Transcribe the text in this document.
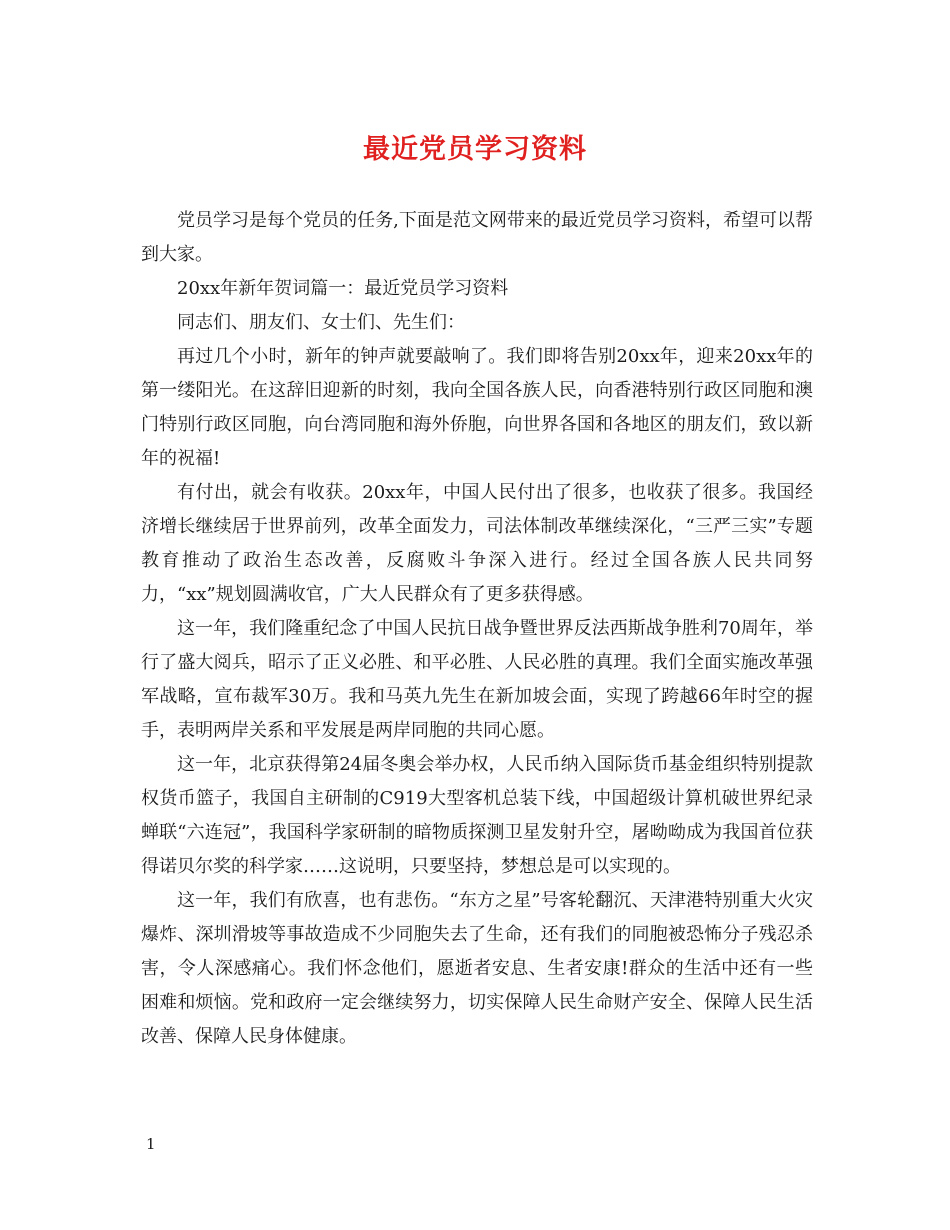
最近党员学习资料

党员学习是每个党员的任务,下面是范文网带来的最近党员学习资料，希望可以帮到大家。

20xx年新年贺词篇一：最近党员学习资料

同志们、朋友们、女士们、先生们：

再过几个小时，新年的钟声就要敲响了。我们即将告别20xx年，迎来20xx年的第一缕阳光。在这辞旧迎新的时刻，我向全国各族人民，向香港特别行政区同胞和澳门特别行政区同胞，向台湾同胞和海外侨胞，向世界各国和各地区的朋友们，致以新年的祝福!

有付出，就会有收获。20xx年，中国人民付出了很多，也收获了很多。我国经济增长继续居于世界前列，改革全面发力，司法体制改革继续深化，“三严三实”专题教育推动了政治生态改善，反腐败斗争深入进行。经过全国各族人民共同努力，“xx”规划圆满收官，广大人民群众有了更多获得感。

这一年，我们隆重纪念了中国人民抗日战争暨世界反法西斯战争胜利70周年，举行了盛大阅兵，昭示了正义必胜、和平必胜、人民必胜的真理。我们全面实施改革强军战略，宣布裁军30万。我和马英九先生在新加坡会面，实现了跨越66年时空的握手，表明两岸关系和平发展是两岸同胞的共同心愿。

这一年，北京获得第24届冬奥会举办权，人民币纳入国际货币基金组织特别提款权货币篮子，我国自主研制的C919大型客机总装下线，中国超级计算机破世界纪录蝉联“六连冠”，我国科学家研制的暗物质探测卫星发射升空，屠呦呦成为我国首位获得诺贝尔奖的科学家……这说明，只要坚持，梦想总是可以实现的。

这一年，我们有欣喜，也有悲伤。“东方之星”号客轮翻沉、天津港特别重大火灾爆炸、深圳滑坡等事故造成不少同胞失去了生命，还有我们的同胞被恐怖分子残忍杀害，令人深感痛心。我们怀念他们，愿逝者安息、生者安康!群众的生活中还有一些困难和烦恼。党和政府一定会继续努力，切实保障人民生命财产安全、保障人民生活改善、保障人民身体健康。

1
